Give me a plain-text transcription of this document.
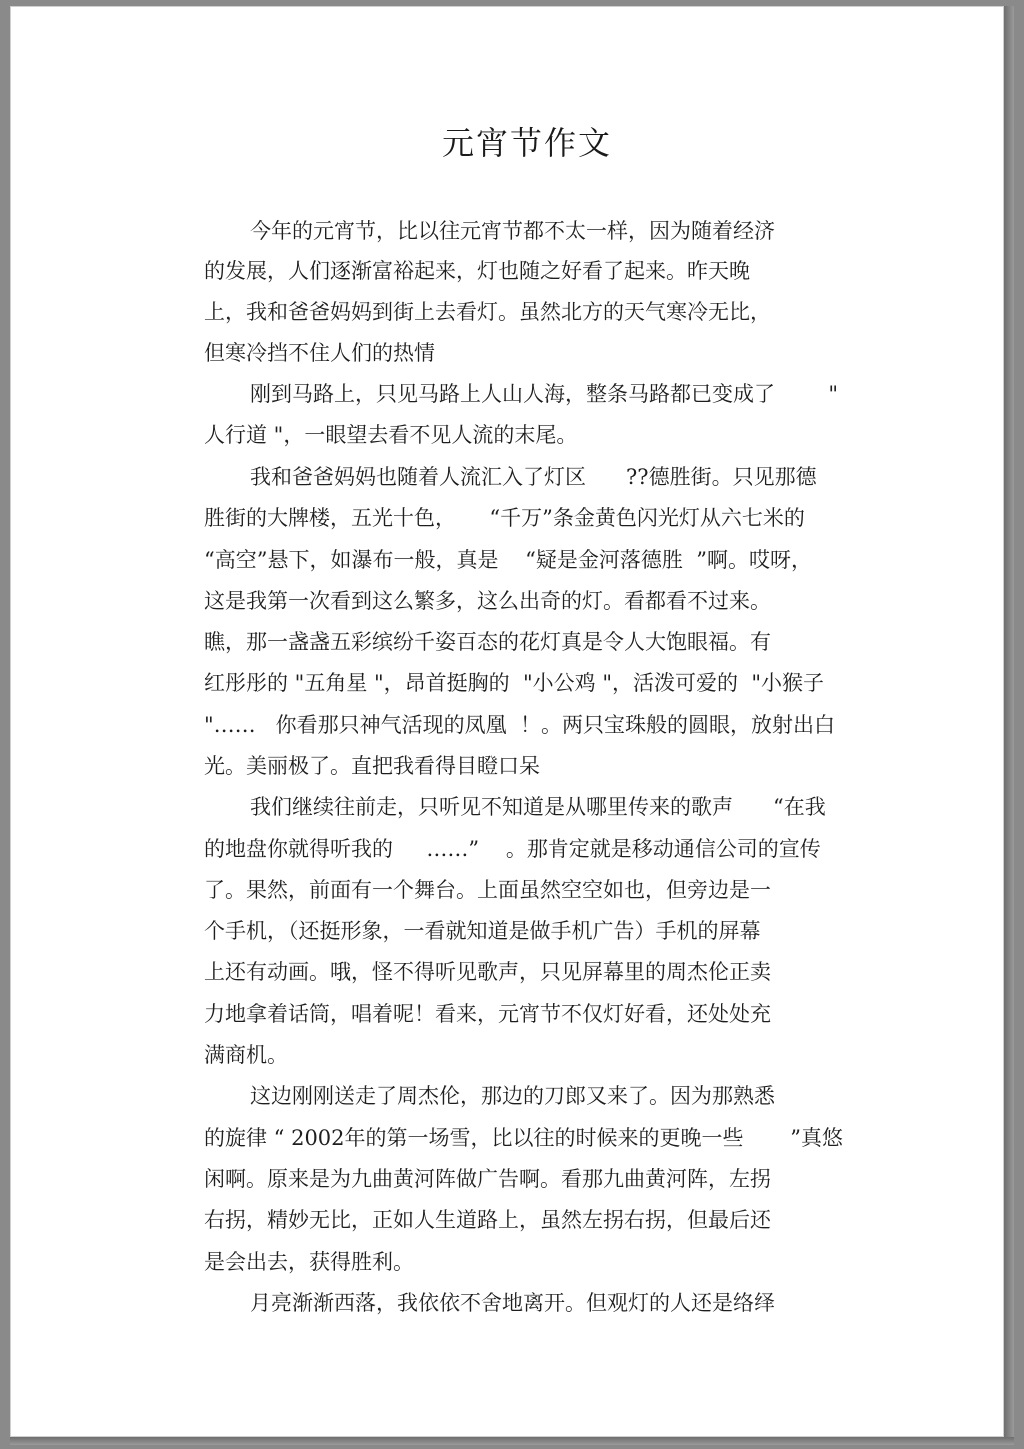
元宵节作文
今年的元宵节，比以往元宵节都不太一样，因为随着经济
的发展，人们逐渐富裕起来，灯也随之好看了起来。昨天晚
上，我和爸爸妈妈到街上去看灯。虽然北方的天气寒冷无比，
但寒冷挡不住人们的热情
刚到马路上，只见马路上人山人海，整条马路都已变成了        "
人行道 "，一眼望去看不见人流的末尾。
我和爸爸妈妈也随着人流汇入了灯区      ??德胜街。只见那德
胜街的大牌楼，五光十色，     “千万”条金黄色闪光灯从六七米的
“高空”悬下，如瀑布一般，真是    “疑是金河落德胜  ”啊。哎呀，
这是我第一次看到这么繁多，这么出奇的灯。看都看不过来。
瞧，那一盏盏五彩缤纷千姿百态的花灯真是令人大饱眼福。有
红彤彤的 "五角星 "，昂首挺胸的  "小公鸡 "，活泼可爱的  "小猴子
"……   你看那只神气活现的凤凰  ！。两只宝珠般的圆眼，放射出白
光。美丽极了。直把我看得目瞪口呆
我们继续往前走，只听见不知道是从哪里传来的歌声      “在我
的地盘你就得听我的     ……”    。那肯定就是移动通信公司的宣传
了。果然，前面有一个舞台。上面虽然空空如也，但旁边是一
个手机，（还挺形象，一看就知道是做手机广告）手机的屏幕
上还有动画。哦，怪不得听见歌声，只见屏幕里的周杰伦正卖
力地拿着话筒，唱着呢！看来，元宵节不仅灯好看，还处处充
满商机。
这边刚刚送走了周杰伦，那边的刀郎又来了。因为那熟悉
的旋律 “ 2002年的第一场雪，比以往的时候来的更晚一些       ”真悠
闲啊。原来是为九曲黄河阵做广告啊。看那九曲黄河阵，左拐
右拐，精妙无比，正如人生道路上，虽然左拐右拐，但最后还
是会出去，获得胜利。
月亮渐渐西落，我依依不舍地离开。但观灯的人还是络绎
